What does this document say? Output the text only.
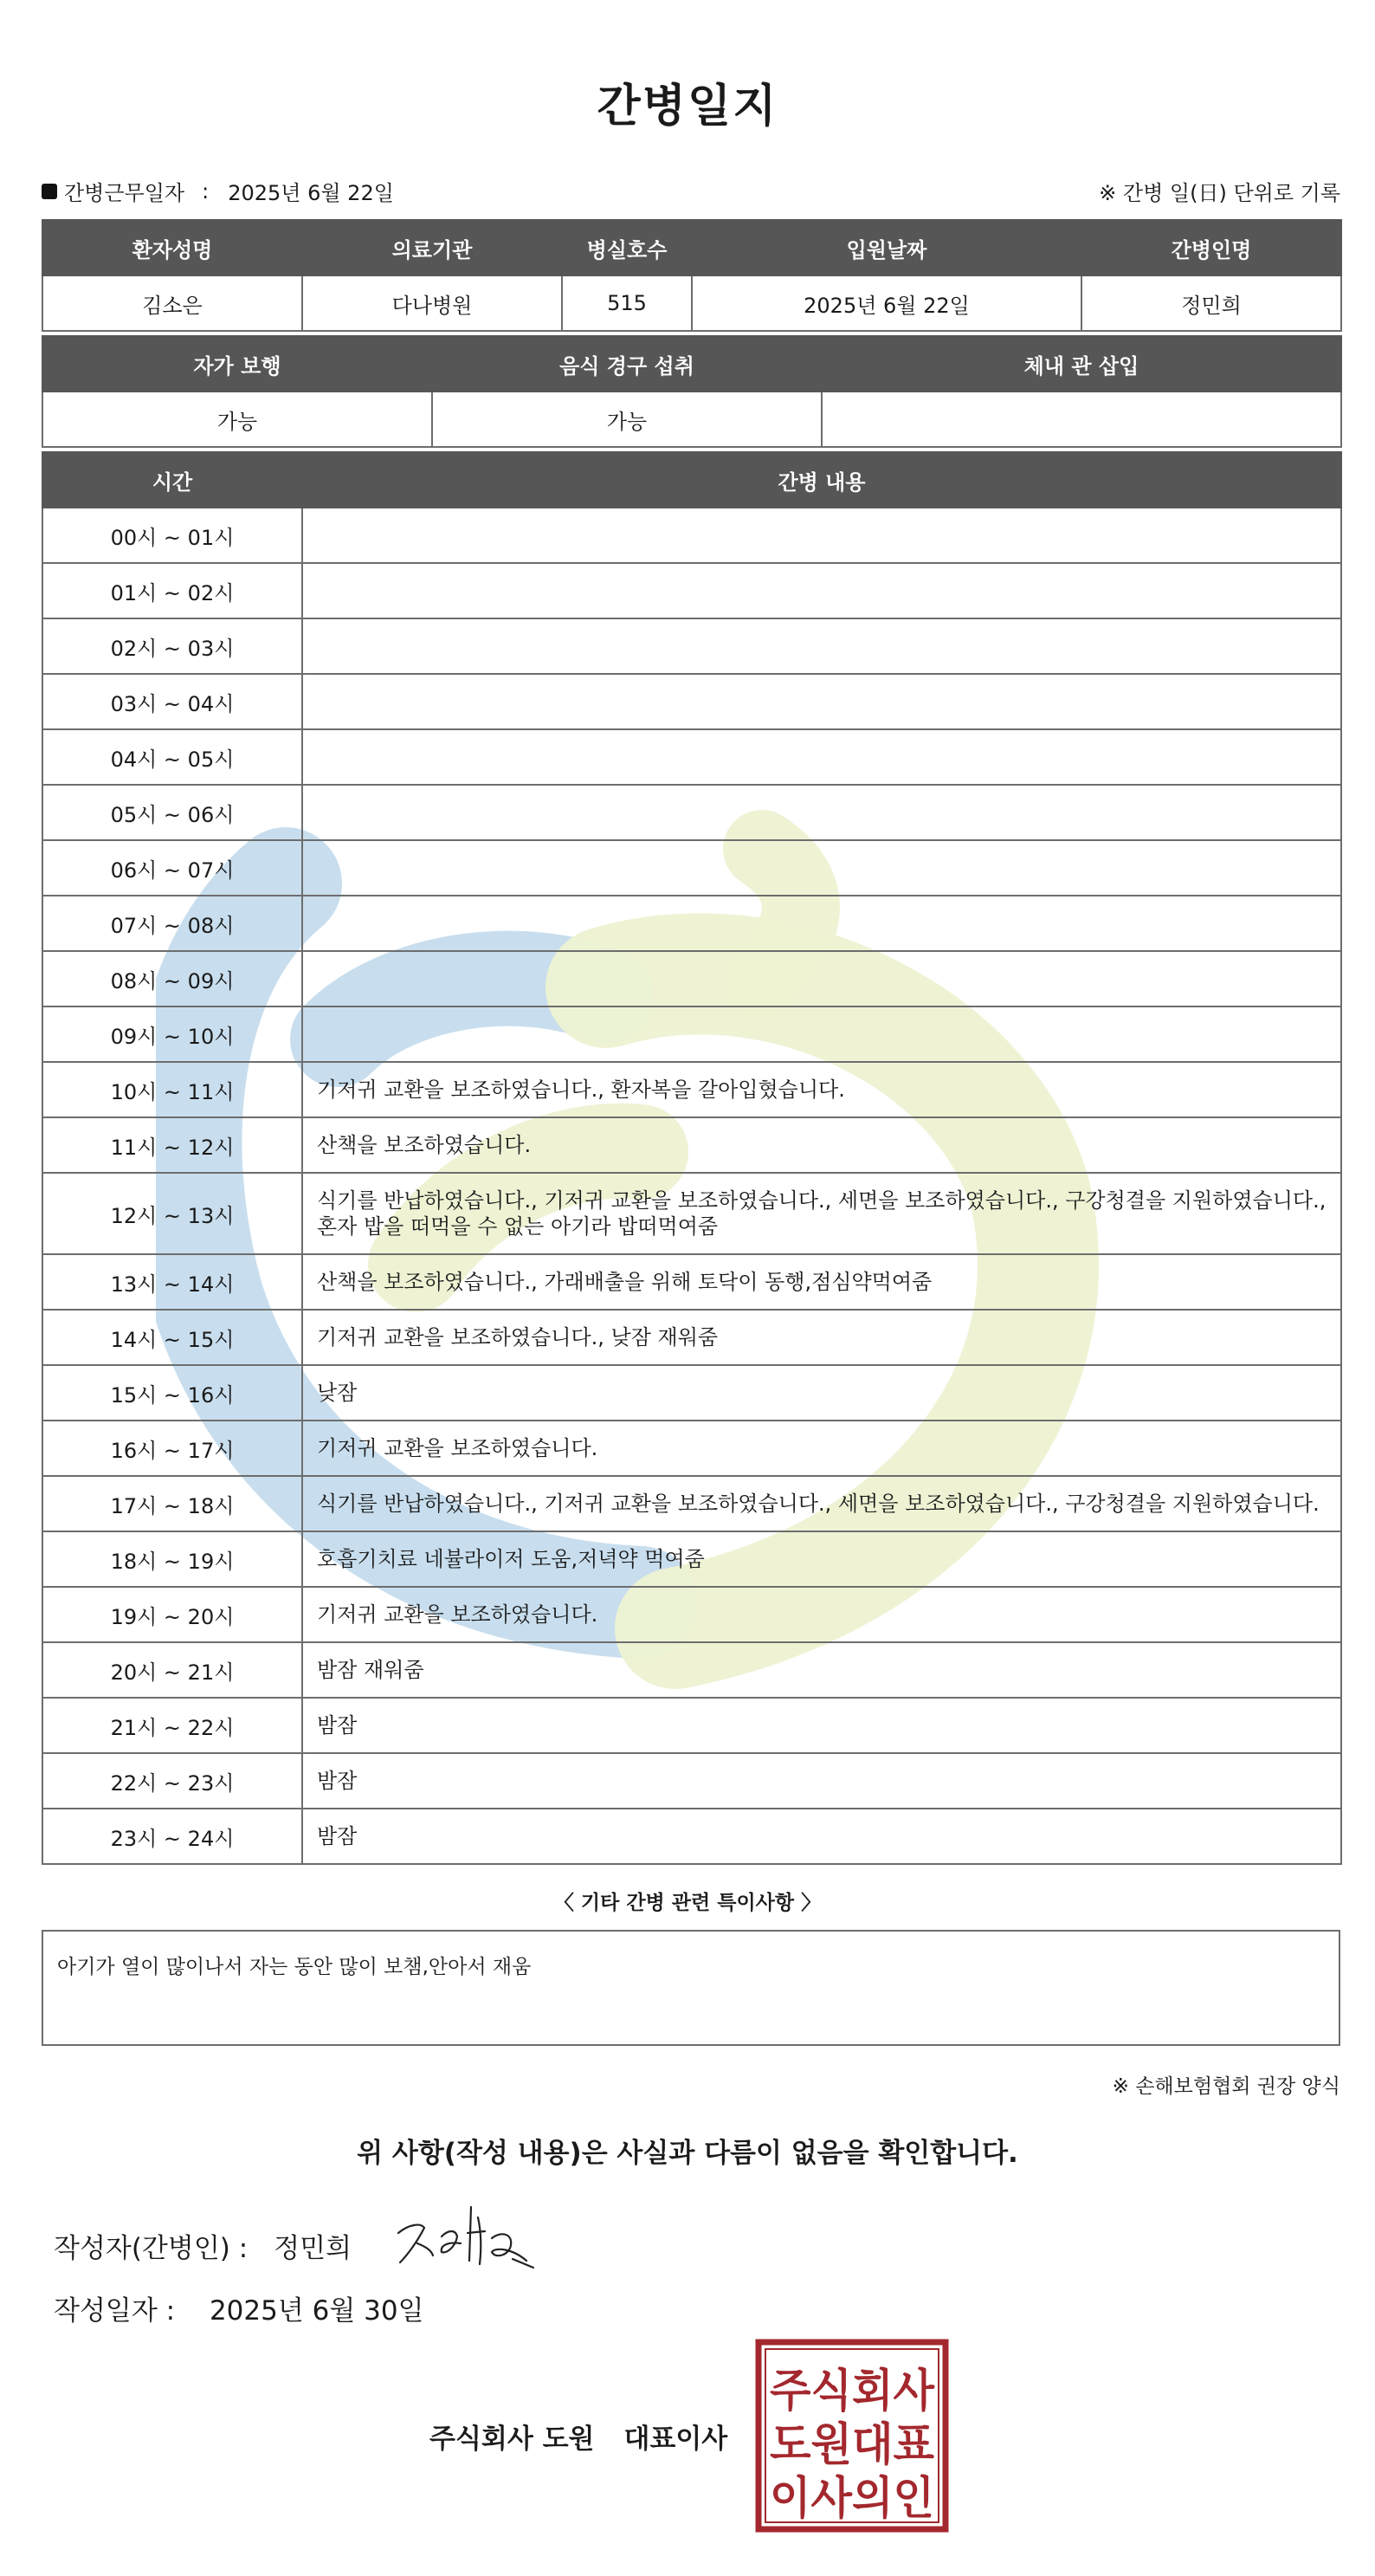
간병일지
간병근무일자 : 2025년 6월 22일	※ 간병 일(日) 단위로 기록
환자성명	의료기관	병실호수	입원날짜	간병인명
김소은	다나병원	515	2025년 6월 22일	정민희
자가 보행	음식 경구 섭취	체내 관 삽입
가능	가능	
시간	간병 내용
00시 ~ 01시	
01시 ~ 02시	
02시 ~ 03시	
03시 ~ 04시	
04시 ~ 05시	
05시 ~ 06시	
06시 ~ 07시	
07시 ~ 08시	
08시 ~ 09시	
09시 ~ 10시	
10시 ~ 11시	기저귀 교환을 보조하였습니다., 환자복을 갈아입혔습니다.
11시 ~ 12시	산책을 보조하였습니다.
12시 ~ 13시	식기를 반납하였습니다., 기저귀 교환을 보조하였습니다., 세면을 보조하였습니다., 구강청결을 지원하였습니다., 혼자 밥을 떠먹을 수 없는 아기라 밥떠먹여줌
13시 ~ 14시	산책을 보조하였습니다., 가래배출을 위해 토닥이 동행,점심약먹여줌
14시 ~ 15시	기저귀 교환을 보조하였습니다., 낮잠 재워줌
15시 ~ 16시	낮잠
16시 ~ 17시	기저귀 교환을 보조하였습니다.
17시 ~ 18시	식기를 반납하였습니다., 기저귀 교환을 보조하였습니다., 세면을 보조하였습니다., 구강청결을 지원하였습니다.
18시 ~ 19시	호흡기치료 네뷸라이저 도움,저녁약 먹여줌
19시 ~ 20시	기저귀 교환을 보조하였습니다.
20시 ~ 21시	밤잠 재워줌
21시 ~ 22시	밤잠
22시 ~ 23시	밤잠
23시 ~ 24시	밤잠
〈 기타 간병 관련 특이사항 〉
아기가 열이 많이나서 자는 동안 많이 보챔,안아서 재움
※ 손해보험협회 권장 양식
위 사항(작성 내용)은 사실과 다름이 없음을 확인합니다.
작성자(간병인) : 정민희
작성일자 : 2025년 6월 30일
주식회사 도원 대표이사
주식회사
도원대표
이사의인
